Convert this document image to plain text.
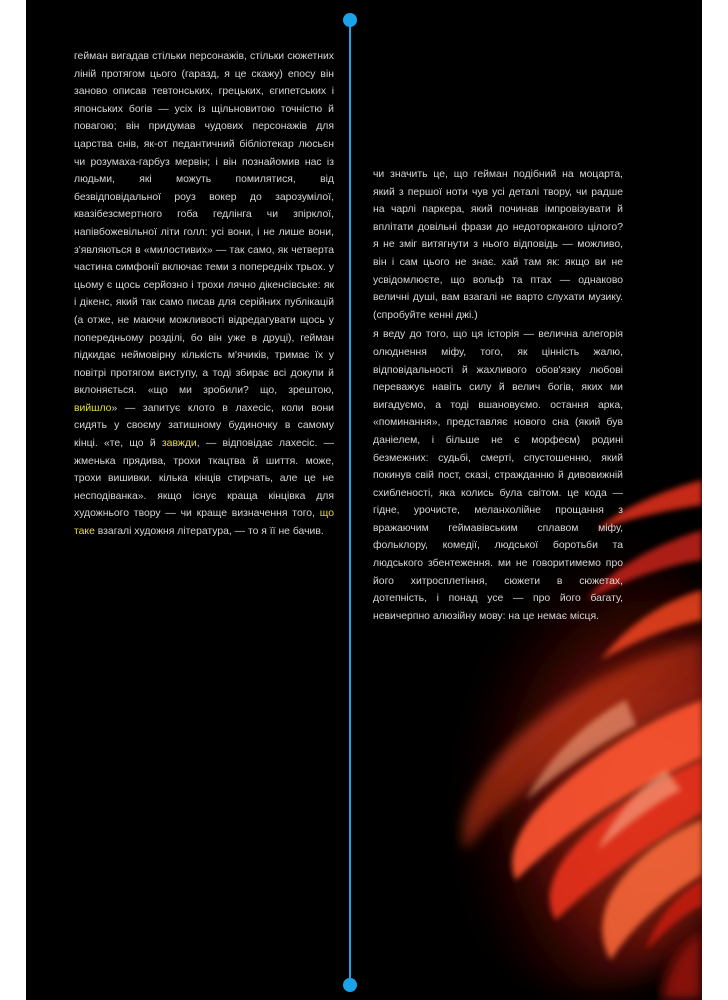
гейман вигадав стільки персонажів, стільки сюжетних ліній протягом цього (гаразд, я це скажу) епосу він заново описав тевтонських, грецьких, єгипетських і японських богів — усіх із щільновитою точністю й повагою; він придумав чудових персонажів для царства снів, як-от педантичний бібліотекар люсьєн чи розумаха-гарбуз мервін; і він познайомив нас із людьми, які можуть помилятися, від безвідповідальної роуз вокер до зарозумілої, квазібезсмертного гоба гедлінга чи зпірклої, напівбожевільної літи голл: усі вони, і не лише вони, з'являються в «милостивих» — так само, як четверта частина симфонії включає теми з попередніх трьох. у цьому є щось серйозно і трохи лячно дікенсівське: як і дікенс, який так само писав для серійних публікацій (а отже, не маючи можливості відредагувати щось у попередньому розділі, бо він уже в друці), гейман підкидає неймовірну кількість м'ячиків, тримає їх у повітрі протягом виступу, а тоді збирає всі докупи й вклоняється. «що ми зробили? що, зрештою, вийшло» — запитує клото в лахесіс, коли вони сидять у своєму затишному будиночку в самому кінці. «те, що й завжди, — відповідає лахесіс. — жменька прядива, трохи ткацтва й шиття. може, трохи вишивки. кілька кінців стирчать, але це не несподіванка». якщо існує краща кінцівка для художнього твору — чи краще визначення того, що таке взагалі художня література, — то я її не бачив.

чи значить це, що гейман подібний на моцарта, який з першої ноти чув усі деталі твору, чи радше на чарлі паркера, який починав імпровізувати й вплітати довільні фрази до недоторканого цілого? я не зміг витягнути з нього відповідь — можливо, він і сам цього не знає. хай там як: якщо ви не усвідомлюєте, що вольф та птах — однаково величні душі, вам взагалі не варто слухати музику. (спробуйте кенні джі.)

я веду до того, що ця історія — велична алегорія олюднення міфу, того, як цінність жалю, відповідальності й жахливого обов'язку любові переважує навіть силу й велич богів, яких ми вигадуємо, а тоді вшановуємо. остання арка, «поминання», представляє нового сна (який був даніелем, і більше не є морфеєм) родині безмежних: судьбі, смерті, спустошенню, який покинув свій пост, сказі, стражданню й дивовижній схибленості, яка колись була світом. це кода — гідне, урочисте, меланхолійне прощання з вражаючим геймавівським сплавом міфу, фольклору, комедії, людської боротьби та людського збентеження. ми не говоритимемо про його хитросплетіння, сюжети в сюжетах, дотепність, і понад усе — про його багату, невичерпно алюзійну мову: на це немає місця.
